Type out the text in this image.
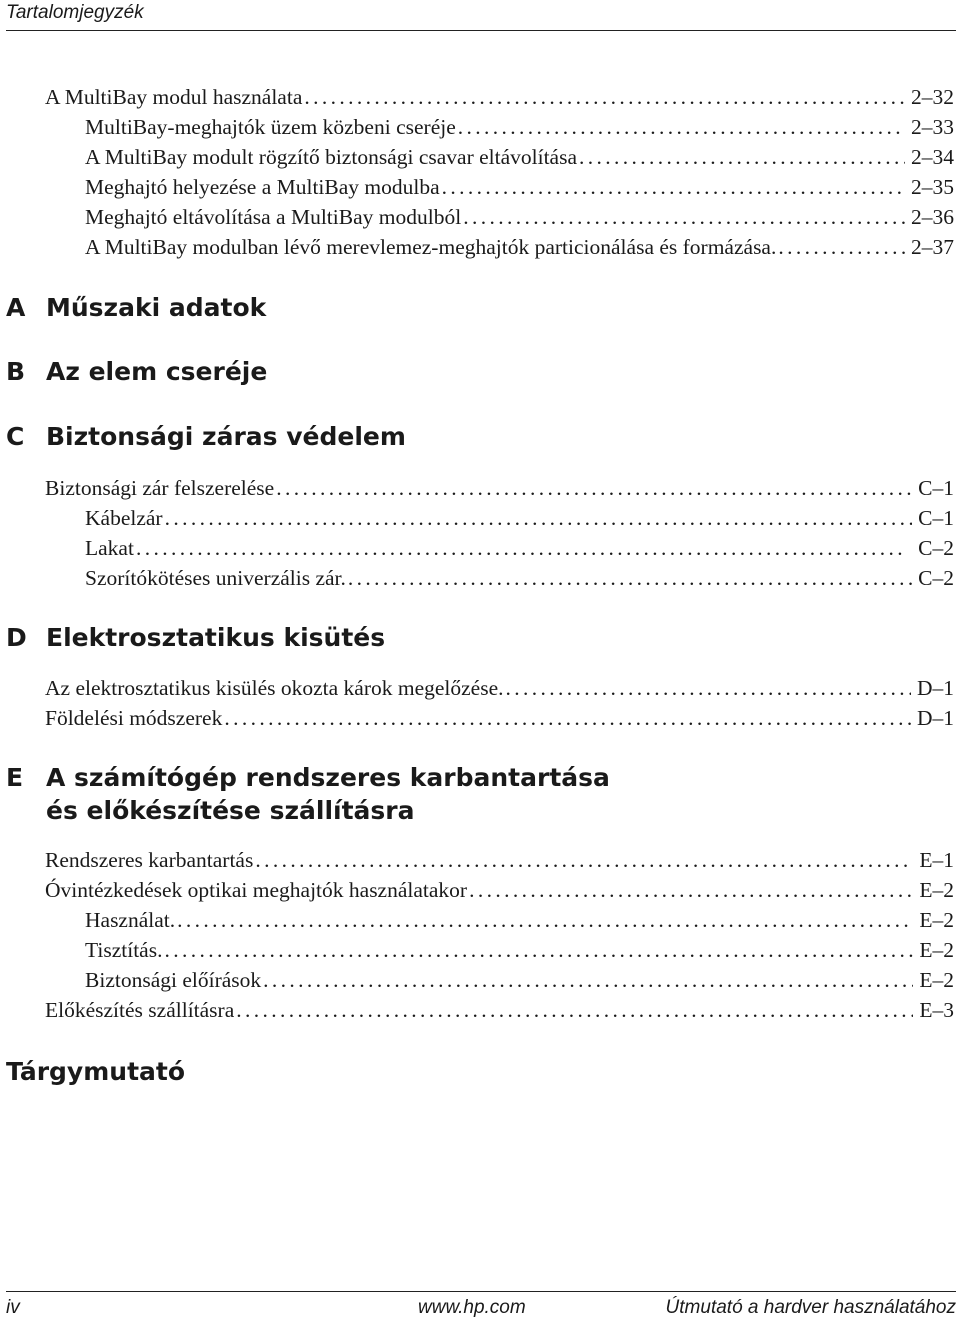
Tartalomjegyzék
A MultiBay modul használata . . .	2–32
MultiBay-meghajtók üzem közbeni cseréje . . .	2–33
A MultiBay modult rögzítő biztonsági csavar eltávolítása . . .	2–34
Meghajtó helyezése a MultiBay modulba . . .	2–35
Meghajtó eltávolítása a MultiBay modulból . . .	2–36
A MultiBay modulban lévő merevlemez-meghajtók particionálása és formázása. . . .	2–37
A Műszaki adatok
B Az elem cseréje
C Biztonsági záras védelem
Biztonsági zár felszerelése . . .	C–1
Kábelzár . . .	C–1
Lakat . . .	C–2
Szorítókötéses univerzális zár. . . .	C–2
D Elektrosztatikus kisütés
Az elektrosztatikus kisülés okozta károk megelőzése. . . .	D–1
Földelési módszerek . . .	D–1
E A számítógép rendszeres karbantartása
és előkészítése szállításra
Rendszeres karbantartás . . .	E–1
Óvintézkedések optikai meghajtók használatakor . . .	E–2
Használat. . . .	E–2
Tisztítás. . . .	E–2
Biztonsági előírások . . .	E–2
Előkészítés szállításra . . .	E–3
Tárgymutató
iv	www.hp.com	Útmutató a hardver használatához
